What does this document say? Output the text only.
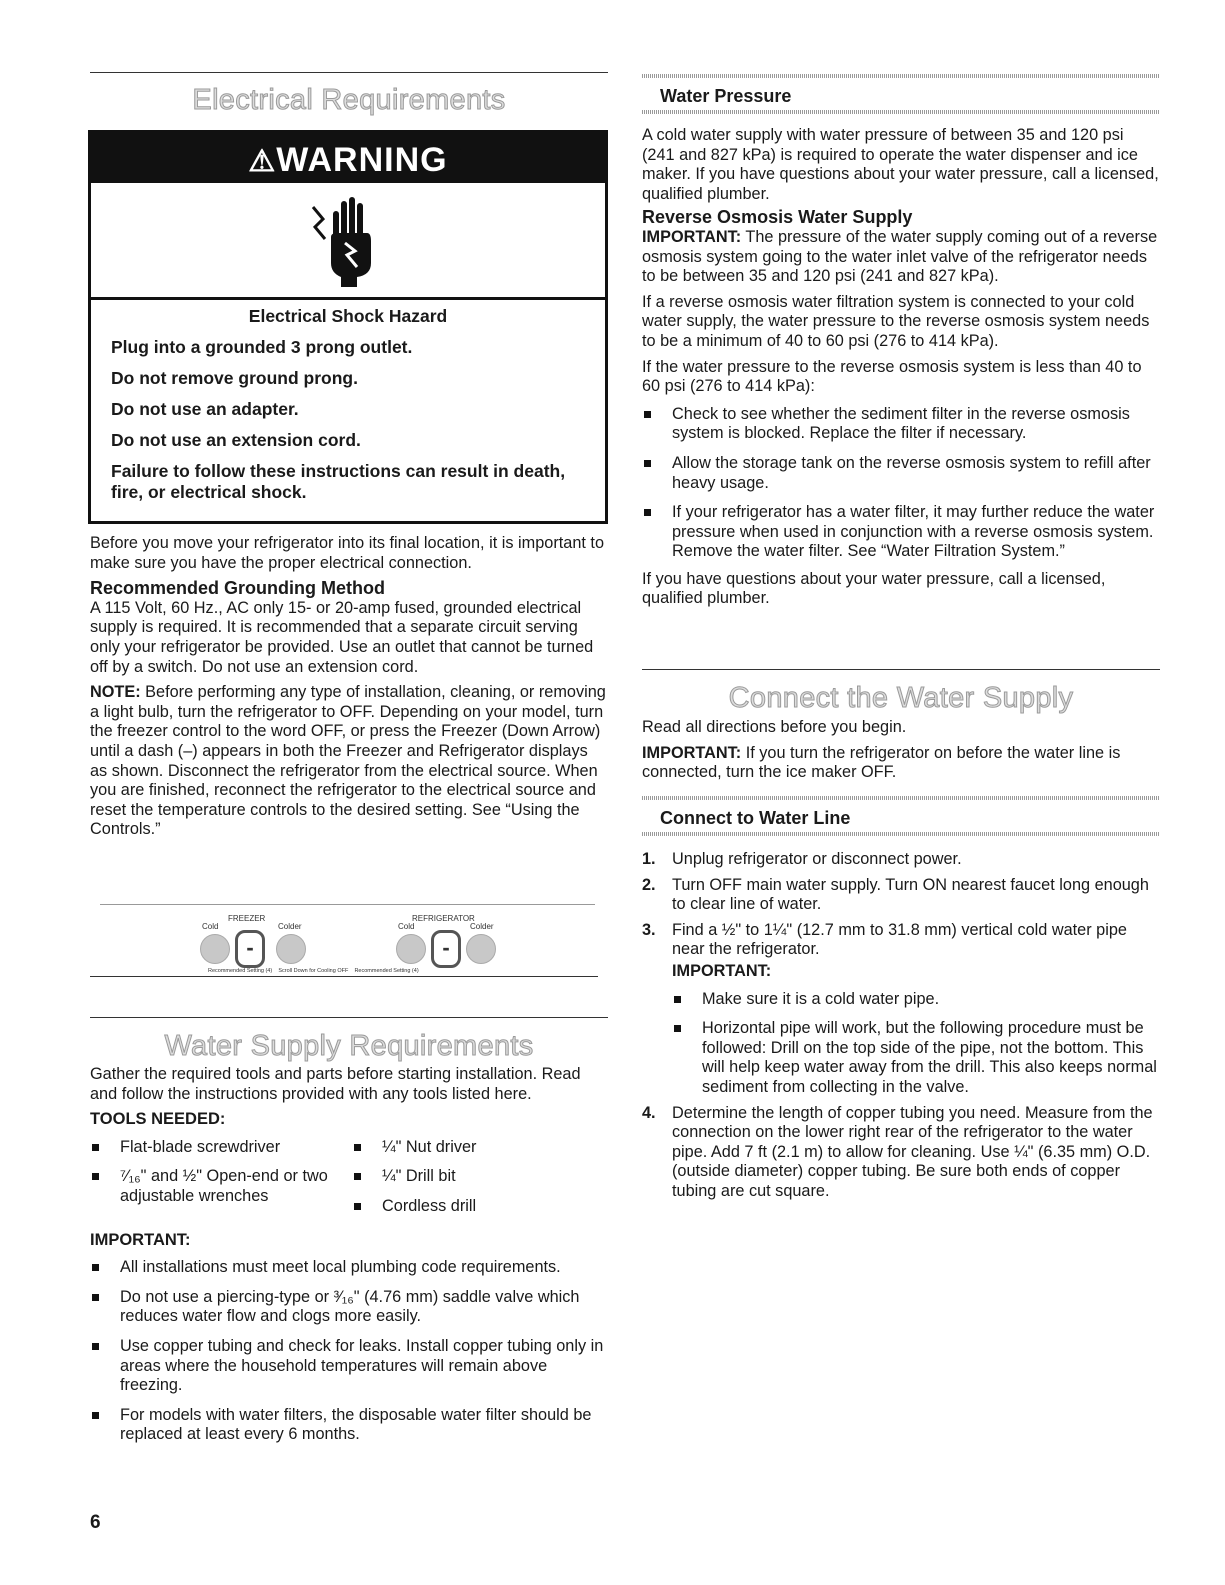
Electrical Requirements
⚠WARNING

Electrical Shock Hazard

Plug into a grounded 3 prong outlet.

Do not remove ground prong.

Do not use an adapter.

Do not use an extension cord.

Failure to follow these instructions can result in death, fire, or electrical shock.

Before you move your refrigerator into its final location, it is important to make sure you have the proper electrical connection.

Recommended Grounding Method

A 115 Volt, 60 Hz., AC only 15- or 20-amp fused, grounded electrical supply is required. It is recommended that a separate circuit serving only your refrigerator be provided. Use an outlet that cannot be turned off by a switch. Do not use an extension cord.

NOTE: Before performing any type of installation, cleaning, or removing a light bulb, turn the refrigerator to OFF. Depending on your model, turn the freezer control to the word OFF, or press the Freezer (Down Arrow) until a dash (–) appears in both the Freezer and Refrigerator displays as shown. Disconnect the refrigerator from the electrical source. When you are finished, reconnect the refrigerator to the electrical source and reset the temperature controls to the desired setting. See “Using the Controls.”

FREEZER
Cold	Colder
-
REFRIGERATOR
Cold	Colder
-
Recommended Setting (4) Scroll Down for Cooling OFF Recommended Setting (4)
Water Supply Requirements

Gather the required tools and parts before starting installation. Read and follow the instructions provided with any tools listed here.

TOOLS NEEDED:

Flat-blade screwdriver
⁷⁄₁₆" and ½" Open-end or two adjustable wrenches
¼" Nut driver
¼" Drill bit
Cordless drill

IMPORTANT:

All installations must meet local plumbing code requirements.
Do not use a piercing-type or ³⁄₁₆" (4.76 mm) saddle valve which reduces water flow and clogs more easily.
Use copper tubing and check for leaks. Install copper tubing only in areas where the household temperatures will remain above freezing.
For models with water filters, the disposable water filter should be replaced at least every 6 months.
6
Water Pressure

A cold water supply with water pressure of between 35 and 120 psi (241 and 827 kPa) is required to operate the water dispenser and ice maker. If you have questions about your water pressure, call a licensed, qualified plumber.

Reverse Osmosis Water Supply

IMPORTANT: The pressure of the water supply coming out of a reverse osmosis system going to the water inlet valve of the refrigerator needs to be between 35 and 120 psi (241 and 827 kPa).

If a reverse osmosis water filtration system is connected to your cold water supply, the water pressure to the reverse osmosis system needs to be a minimum of 40 to 60 psi (276 to 414 kPa).

If the water pressure to the reverse osmosis system is less than 40 to 60 psi (276 to 414 kPa):

Check to see whether the sediment filter in the reverse osmosis system is blocked. Replace the filter if necessary.
Allow the storage tank on the reverse osmosis system to refill after heavy usage.
If your refrigerator has a water filter, it may further reduce the water pressure when used in conjunction with a reverse osmosis system. Remove the water filter. See “Water Filtration System.”

If you have questions about your water pressure, call a licensed, qualified plumber.

Connect the Water Supply

Read all directions before you begin.

IMPORTANT: If you turn the refrigerator on before the water line is connected, turn the ice maker OFF.

Connect to Water Line
1. Unplug refrigerator or disconnect power.
2. Turn OFF main water supply. Turn ON nearest faucet long enough to clear line of water.
3. Find a ½" to 1¼" (12.7 mm to 31.8 mm) vertical cold water pipe near the refrigerator.

IMPORTANT:

Make sure it is a cold water pipe.
Horizontal pipe will work, but the following procedure must be followed: Drill on the top side of the pipe, not the bottom. This will help keep water away from the drill. This also keeps normal sediment from collecting in the valve.
4. Determine the length of copper tubing you need. Measure from the connection on the lower right rear of the refrigerator to the water pipe. Add 7 ft (2.1 m) to allow for cleaning. Use ¼" (6.35 mm) O.D. (outside diameter) copper tubing. Be sure both ends of copper tubing are cut square.
